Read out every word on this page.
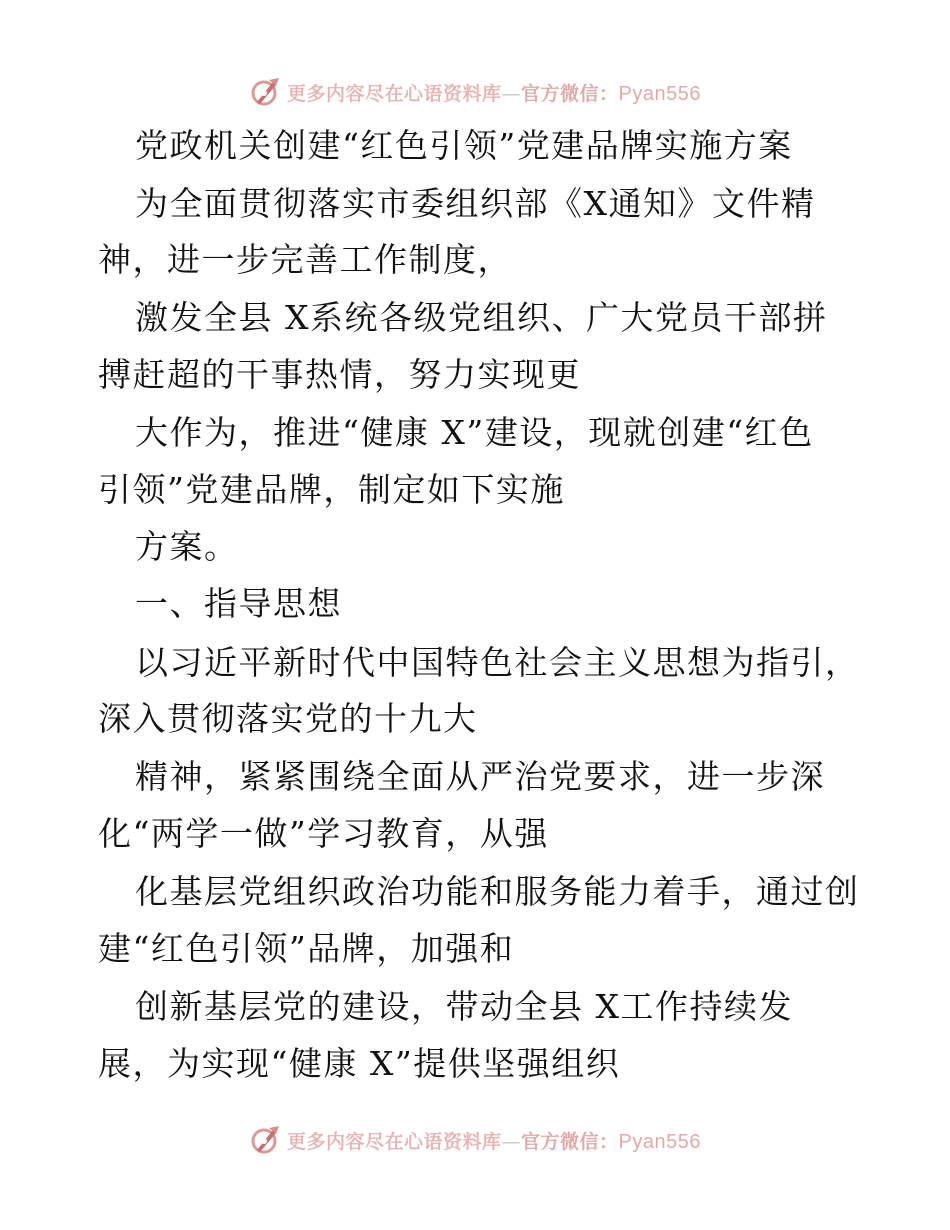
更多内容尽在心语资料库—官方微信：Pyan556
党政机关创建“红色引领”党建品牌实施方案
为全面贯彻落实市委组织部《X通知》文件精
神，进一步完善工作制度，
激发全县 X系统各级党组织、广大党员干部拼
搏赶超的干事热情，努力实现更
大作为，推进“健康 X”建设，现就创建“红色
引领”党建品牌，制定如下实施
方案。
一、指导思想
以习近平新时代中国特色社会主义思想为指引，
深入贯彻落实党的十九大
精神，紧紧围绕全面从严治党要求，进一步深
化“两学一做”学习教育，从强
化基层党组织政治功能和服务能力着手，通过创
建“红色引领”品牌，加强和
创新基层党的建设，带动全县 X工作持续发
展，为实现“健康 X”提供坚强组织
更多内容尽在心语资料库—官方微信：Pyan556
